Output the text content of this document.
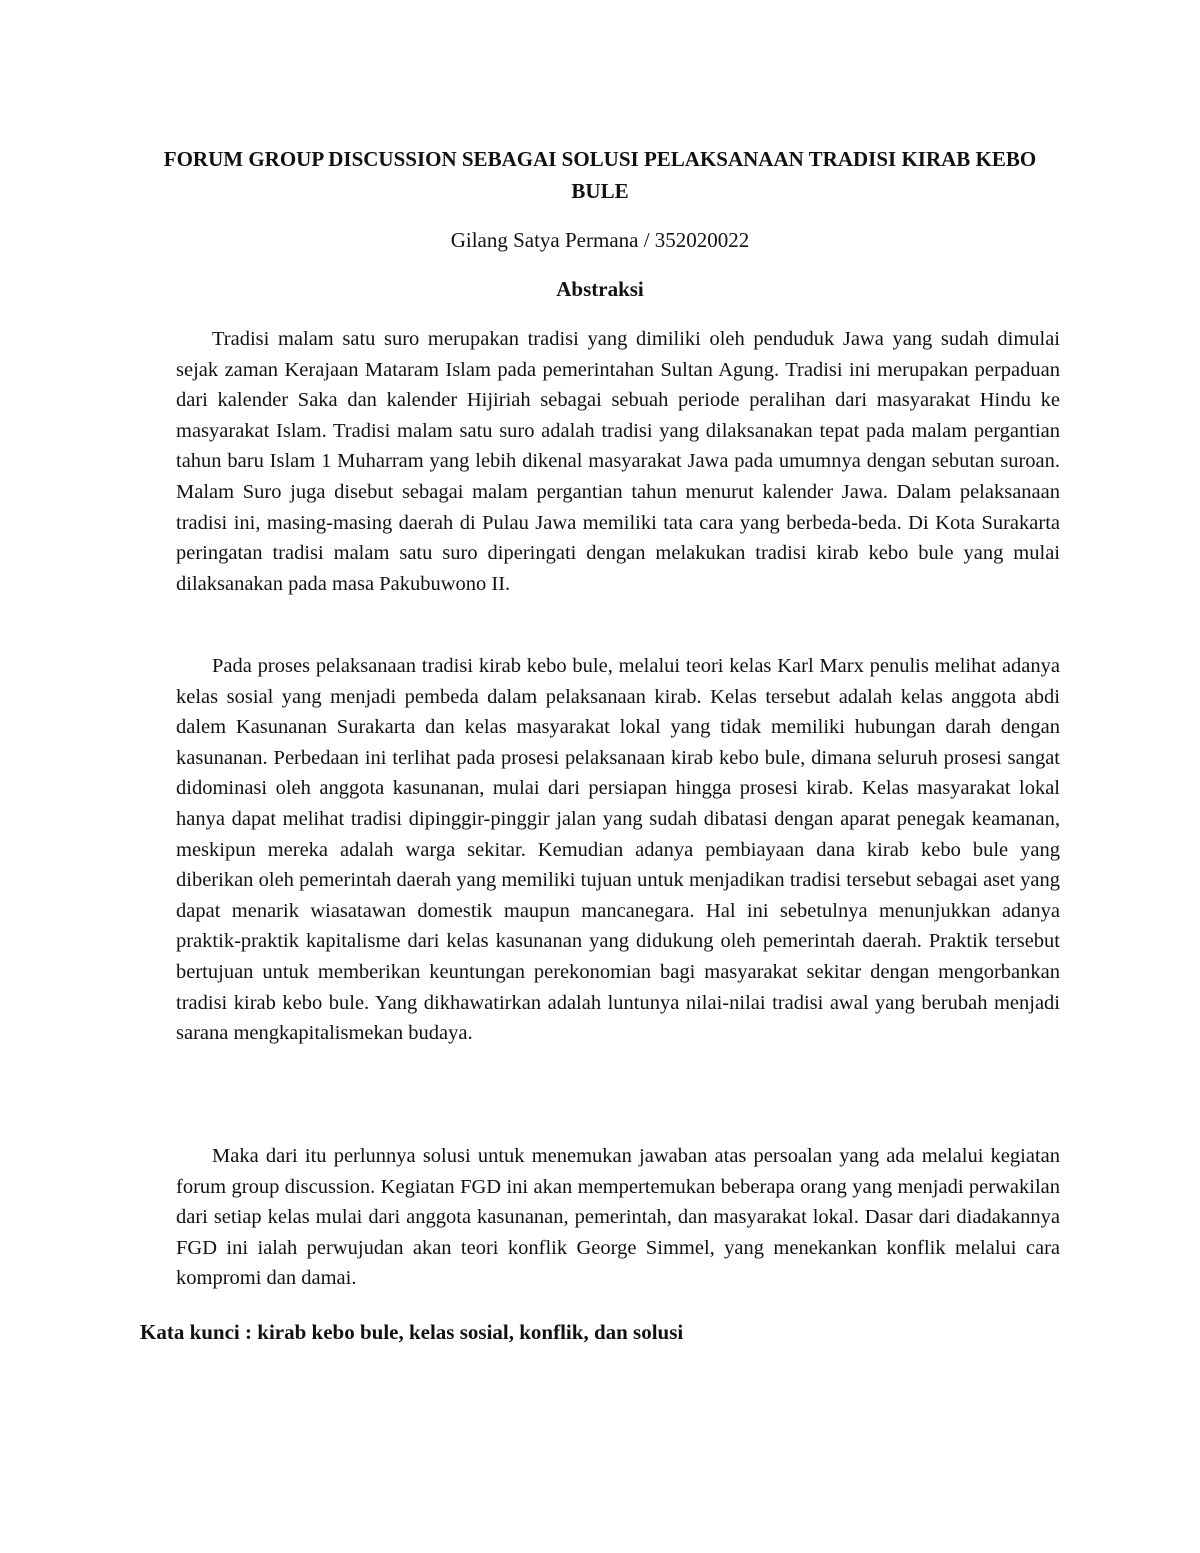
FORUM GROUP DISCUSSION SEBAGAI SOLUSI PELAKSANAAN TRADISI KIRAB KEBO BULE

Gilang Satya Permana / 352020022

Abstraksi

Tradisi malam satu suro merupakan tradisi yang dimiliki oleh penduduk Jawa yang sudah dimulai sejak zaman Kerajaan Mataram Islam pada pemerintahan Sultan Agung. Tradisi ini merupakan perpaduan dari kalender Saka dan kalender Hijiriah sebagai sebuah periode peralihan dari masyarakat Hindu ke masyarakat Islam. Tradisi malam satu suro adalah tradisi yang dilaksanakan tepat pada malam pergantian tahun baru Islam 1 Muharram yang lebih dikenal masyarakat Jawa pada umumnya dengan sebutan suroan. Malam Suro juga disebut sebagai malam pergantian tahun menurut kalender Jawa. Dalam pelaksanaan tradisi ini, masing-masing daerah di Pulau Jawa memiliki tata cara yang berbeda-beda. Di Kota Surakarta peringatan tradisi malam satu suro diperingati dengan melakukan tradisi kirab kebo bule yang mulai dilaksanakan pada masa Pakubuwono II.

Pada proses pelaksanaan tradisi kirab kebo bule, melalui teori kelas Karl Marx penulis melihat adanya kelas sosial yang menjadi pembeda dalam pelaksanaan kirab. Kelas tersebut adalah kelas anggota abdi dalem Kasunanan Surakarta dan kelas masyarakat lokal yang tidak memiliki hubungan darah dengan kasunanan. Perbedaan ini terlihat pada prosesi pelaksanaan kirab kebo bule, dimana seluruh prosesi sangat didominasi oleh anggota kasunanan, mulai dari persiapan hingga prosesi kirab. Kelas masyarakat lokal hanya dapat melihat tradisi dipinggir-pinggir jalan yang sudah dibatasi dengan aparat penegak keamanan, meskipun mereka adalah warga sekitar. Kemudian adanya pembiayaan dana kirab kebo bule yang diberikan oleh pemerintah daerah yang memiliki tujuan untuk menjadikan tradisi tersebut sebagai aset yang dapat menarik wiasatawan domestik maupun mancanegara. Hal ini sebetulnya menunjukkan adanya praktik-praktik kapitalisme dari kelas kasunanan yang didukung oleh pemerintah daerah. Praktik tersebut bertujuan untuk memberikan keuntungan perekonomian bagi masyarakat sekitar dengan mengorbankan tradisi kirab kebo bule. Yang dikhawatirkan adalah luntunya nilai-nilai tradisi awal yang berubah menjadi sarana mengkapitalismekan budaya.

Maka dari itu perlunnya solusi untuk menemukan jawaban atas persoalan yang ada melalui kegiatan forum group discussion. Kegiatan FGD ini akan mempertemukan beberapa orang yang menjadi perwakilan dari setiap kelas mulai dari anggota kasunanan, pemerintah, dan masyarakat lokal. Dasar dari diadakannya FGD ini ialah perwujudan akan teori konflik George Simmel, yang menekankan konflik melalui cara kompromi dan damai.

Kata kunci : kirab kebo bule, kelas sosial, konflik, dan solusi
